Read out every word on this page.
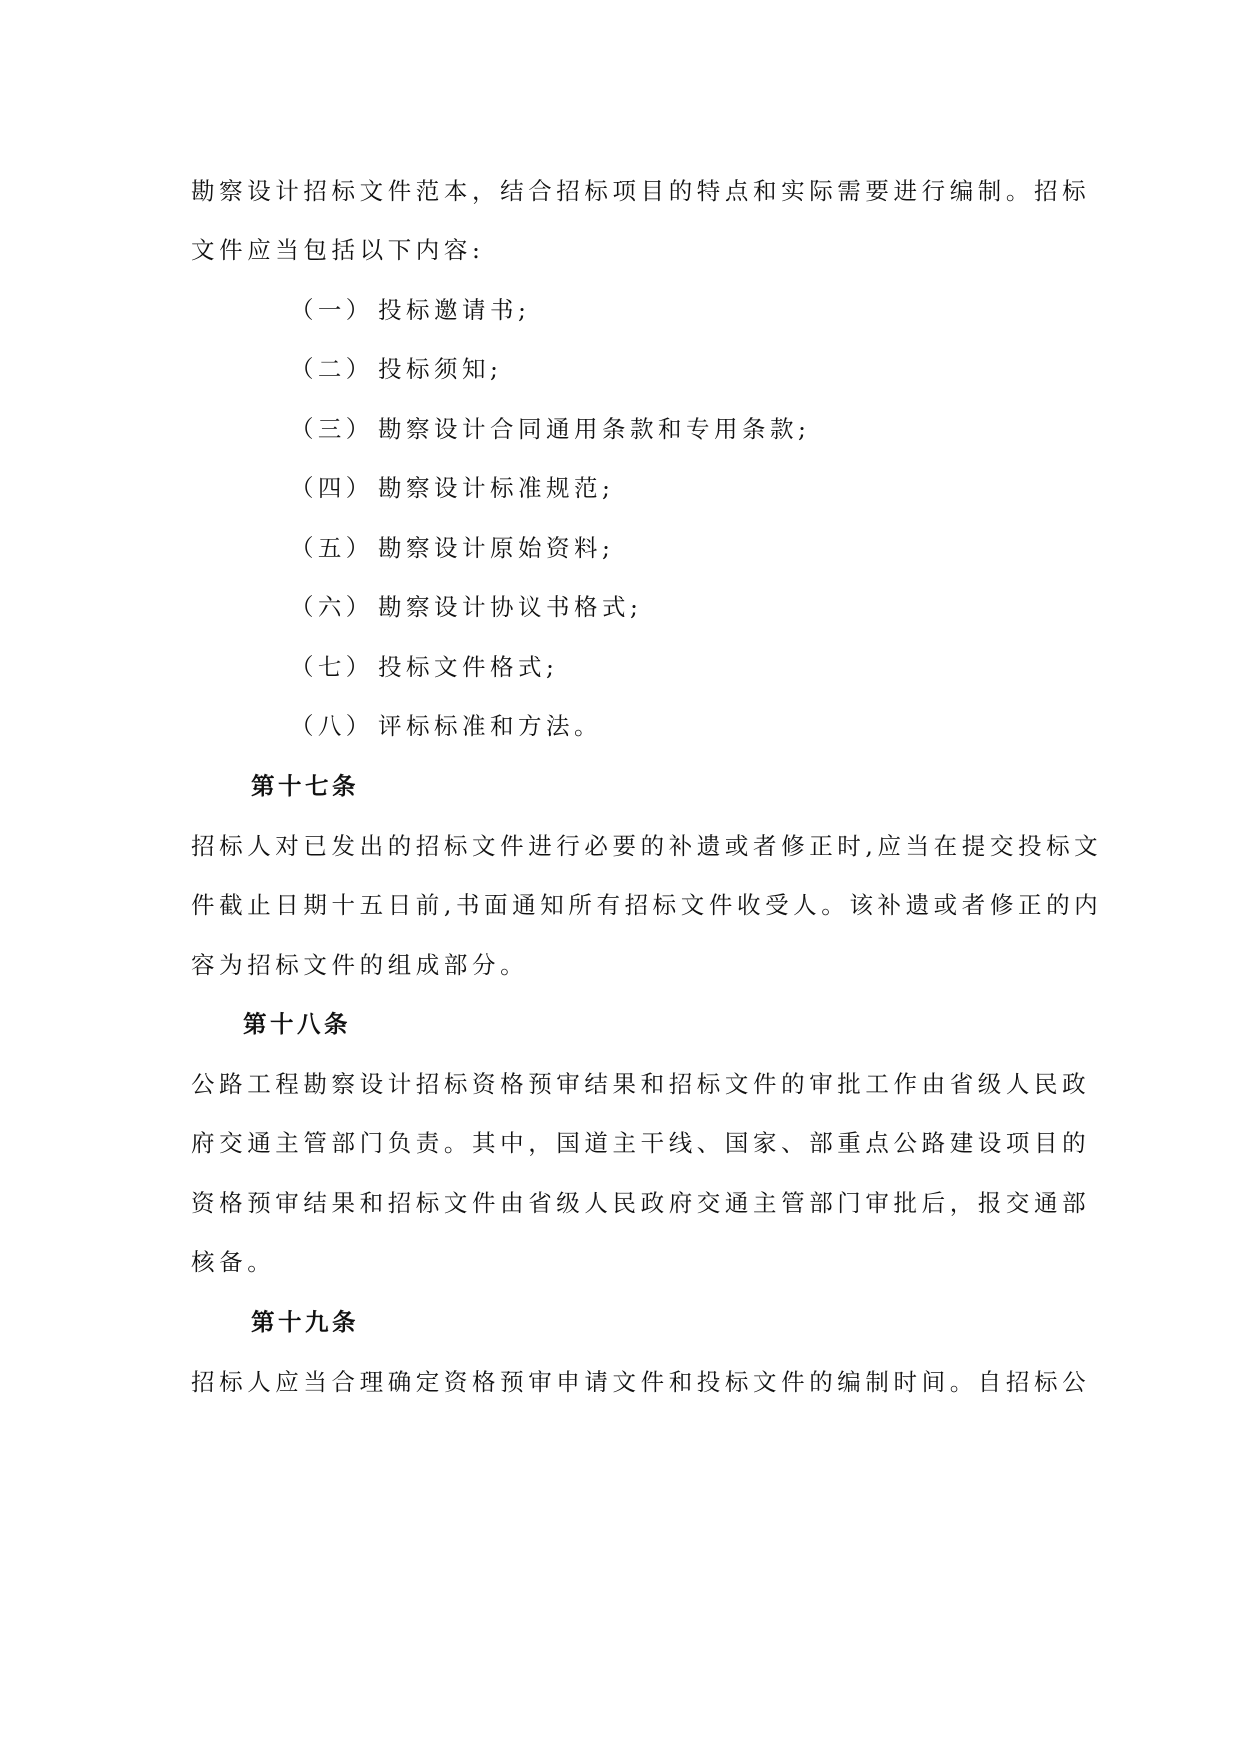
勘察设计招标文件范本，结合招标项目的特点和实际需要进行编制。招标
文件应当包括以下内容:
（一） 投标邀请书;
（二） 投标须知;
（三） 勘察设计合同通用条款和专用条款;
（四） 勘察设计标准规范;
（五） 勘察设计原始资料;
（六） 勘察设计协议书格式;
（七） 投标文件格式;
（八） 评标标准和方法。
第十七条
招标人对已发出的招标文件进行必要的补遗或者修正时,应当在提交投标文
件截止日期十五日前,书面通知所有招标文件收受人。该补遗或者修正的内
容为招标文件的组成部分。
第十八条
公路工程勘察设计招标资格预审结果和招标文件的审批工作由省级人民政
府交通主管部门负责。其中，国道主干线、国家、部重点公路建设项目的
资格预审结果和招标文件由省级人民政府交通主管部门审批后，报交通部
核备。
第十九条
招标人应当合理确定资格预审申请文件和投标文件的编制时间。自招标公
